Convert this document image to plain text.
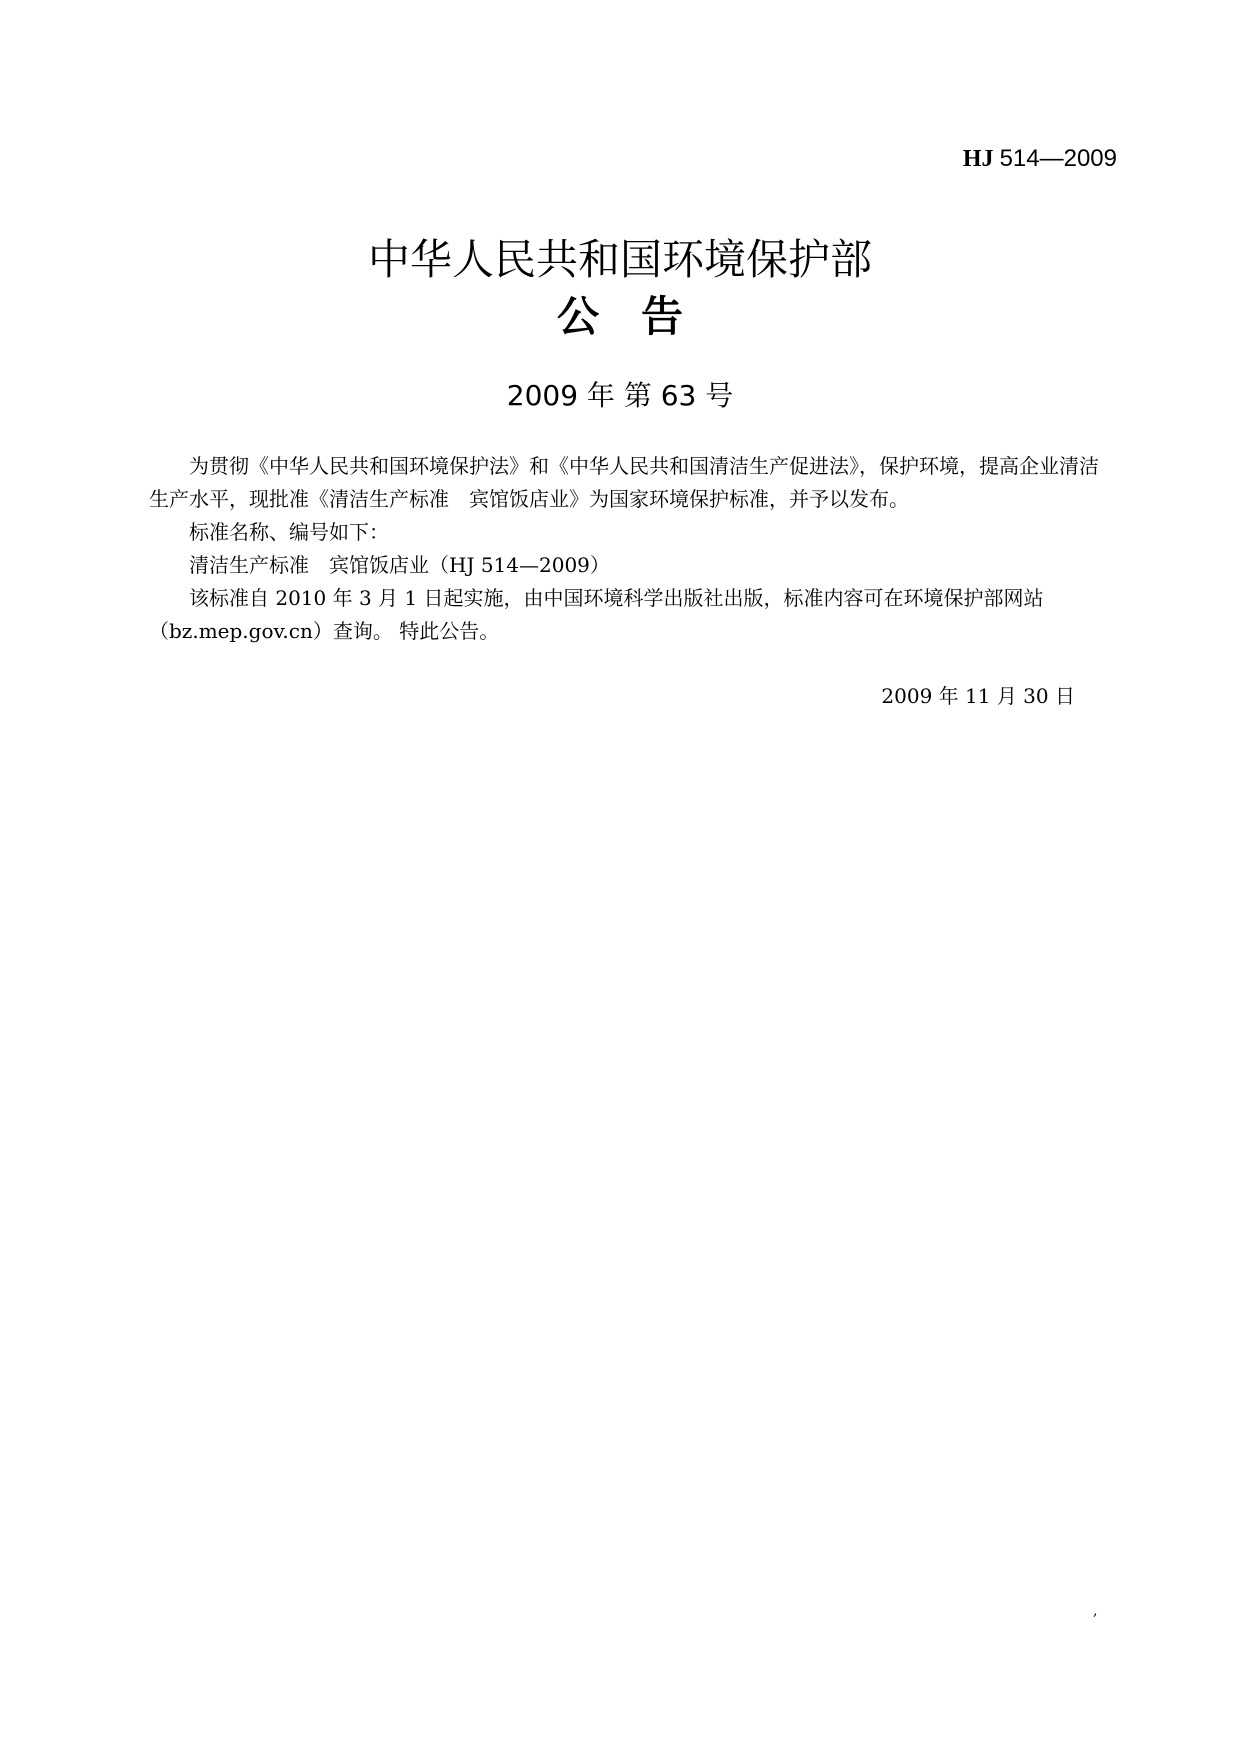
HJ 514—2009
中华人民共和国环境保护部
公告
2009 年 第 63 号

为贯彻《中华人民共和国环境保护法》和《中华人民共和国清洁生产促进法》，保护环境，提高企业清洁生产水平，现批准《清洁生产标准　宾馆饭店业》为国家环境保护标准，并予以发布。

标准名称、编号如下：

清洁生产标准　宾馆饭店业（HJ 514—2009）

该标准自 2010 年 3 月 1 日起实施，由中国环境科学出版社出版，标准内容可在环境保护部网站（bz.mep.gov.cn）查询。 特此公告。

2009 年 11 月 30 日
,
